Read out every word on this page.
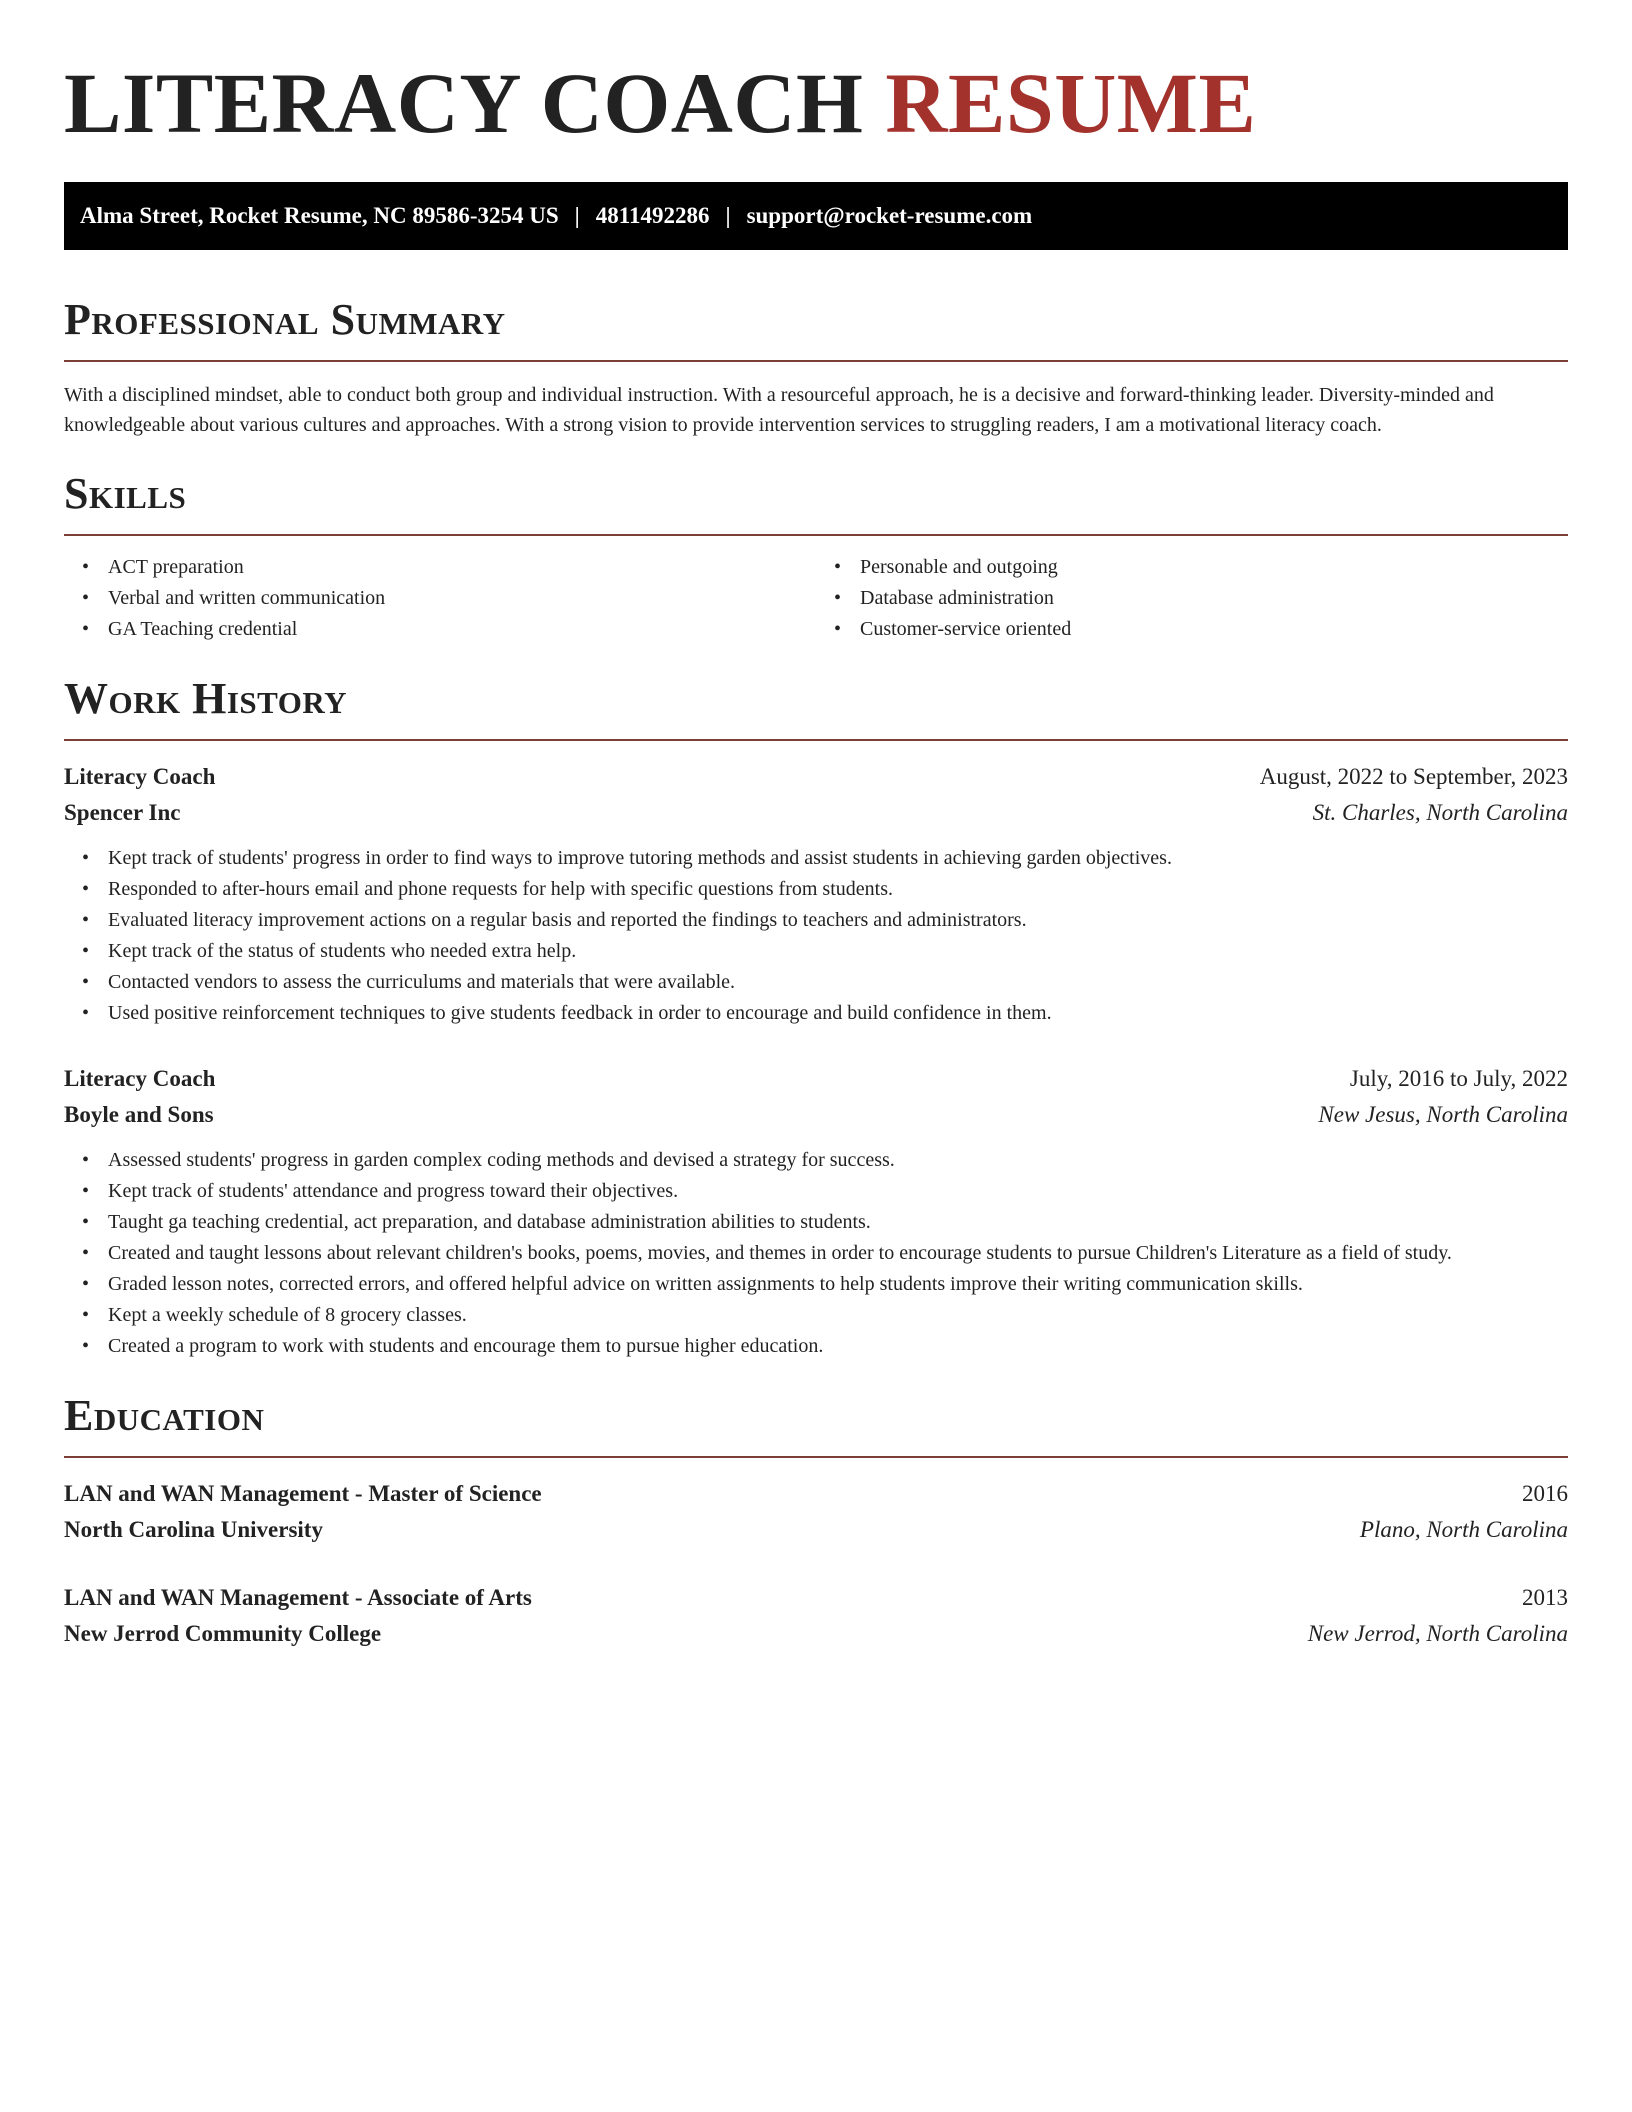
LITERACY COACH RESUME
Alma Street, Rocket Resume, NC 89586-3254 US | 4811492286 | support@rocket-resume.com
Professional Summary

With a disciplined mindset, able to conduct both group and individual instruction. With a resourceful approach, he is a decisive and forward-thinking leader. Diversity-minded and knowledgeable about various cultures and approaches. With a strong vision to provide intervention services to struggling readers, I am a motivational literacy coach.

Skills
• ACT preparation
• Verbal and written communication
• GA Teaching credential
• Personable and outgoing
• Database administration
• Customer-service oriented
Work History
Literacy Coach	August, 2022 to September, 2023
Spencer Inc	St. Charles, North Carolina
• Kept track of students' progress in order to find ways to improve tutoring methods and assist students in achieving garden objectives.
• Responded to after-hours email and phone requests for help with specific questions from students.
• Evaluated literacy improvement actions on a regular basis and reported the findings to teachers and administrators.
• Kept track of the status of students who needed extra help.
• Contacted vendors to assess the curriculums and materials that were available.
• Used positive reinforcement techniques to give students feedback in order to encourage and build confidence in them.
Literacy Coach	July, 2016 to July, 2022
Boyle and Sons	New Jesus, North Carolina
• Assessed students' progress in garden complex coding methods and devised a strategy for success.
• Kept track of students' attendance and progress toward their objectives.
• Taught ga teaching credential, act preparation, and database administration abilities to students.
• Created and taught lessons about relevant children's books, poems, movies, and themes in order to encourage students to pursue Children's Literature as a field of study.
• Graded lesson notes, corrected errors, and offered helpful advice on written assignments to help students improve their writing communication skills.
• Kept a weekly schedule of 8 grocery classes.
• Created a program to work with students and encourage them to pursue higher education.
Education
LAN and WAN Management - Master of Science	2016
North Carolina University	Plano, North Carolina
LAN and WAN Management - Associate of Arts	2013
New Jerrod Community College	New Jerrod, North Carolina
